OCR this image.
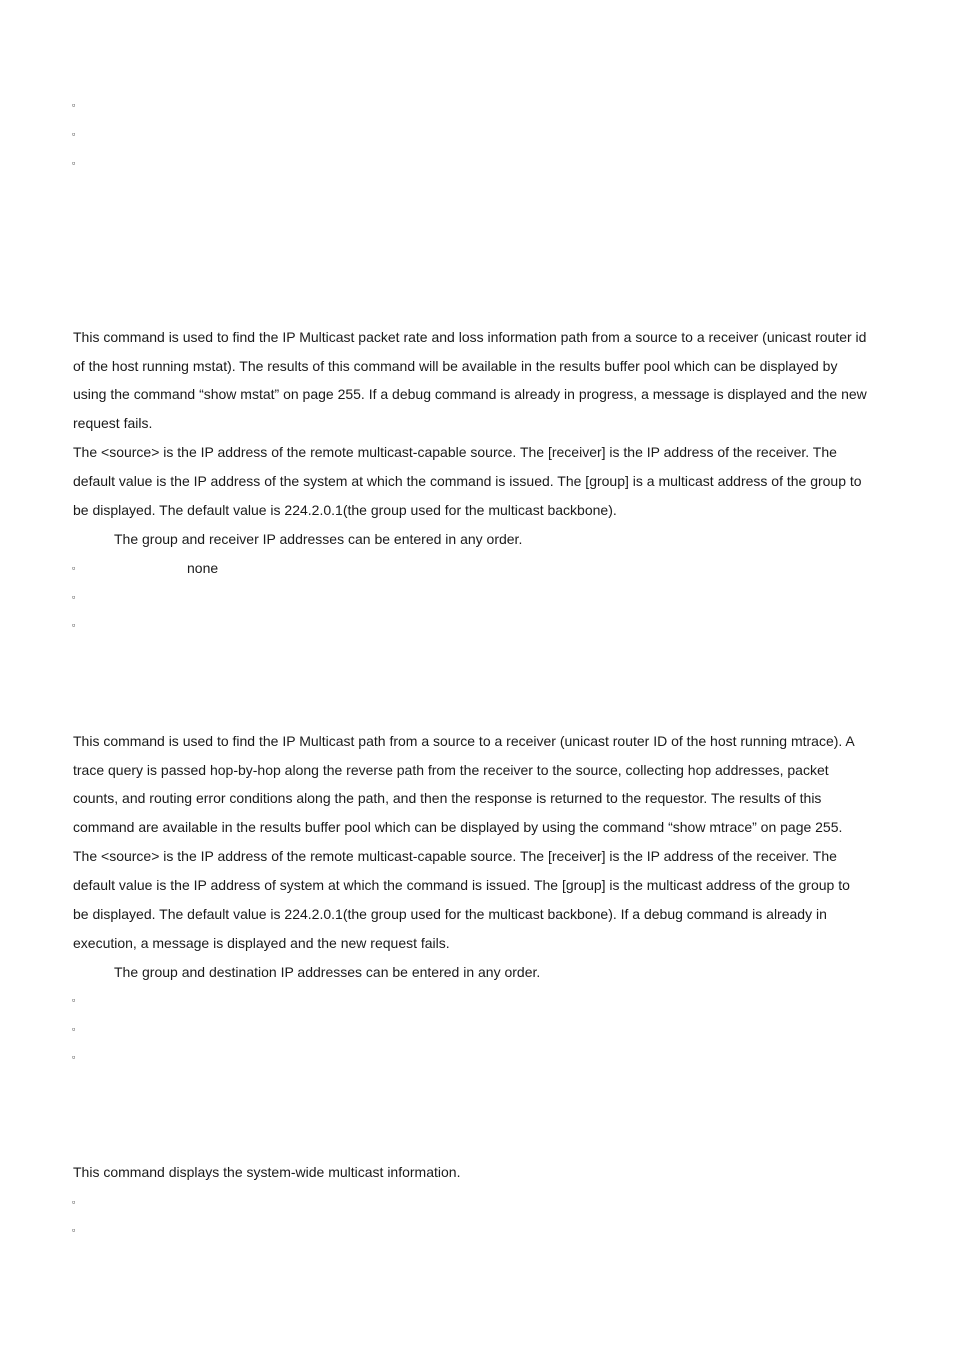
▫
▫
▫
This command is used to find the IP Multicast packet rate and loss information path from a source to a receiver (unicast router id
of the host running mstat). The results of this command will be available in the results buffer pool which can be displayed by
using the command “show mstat” on page 255. If a debug command is already in progress, a message is displayed and the new
request fails.
The <source> is the IP address of the remote multicast-capable source. The [receiver] is the IP address of the receiver. The
default value is the IP address of the system at which the command is issued. The [group] is a multicast address of the group to
be displayed. The default value is 224.2.0.1(the group used for the multicast backbone).
The group and receiver IP addresses can be entered in any order.
▫	none
▫
▫
This command is used to find the IP Multicast path from a source to a receiver (unicast router ID of the host running mtrace). A
trace query is passed hop-by-hop along the reverse path from the receiver to the source, collecting hop addresses, packet
counts, and routing error conditions along the path, and then the response is returned to the requestor. The results of this
command are available in the results buffer pool which can be displayed by using the command “show mtrace” on page 255.
The <source> is the IP address of the remote multicast-capable source. The [receiver] is the IP address of the receiver. The
default value is the IP address of system at which the command is issued. The [group] is the multicast address of the group to
be displayed. The default value is 224.2.0.1(the group used for the multicast backbone). If a debug command is already in
execution, a message is displayed and the new request fails.
The group and destination IP addresses can be entered in any order.
▫
▫
▫
This command displays the system-wide multicast information.
▫
▫
